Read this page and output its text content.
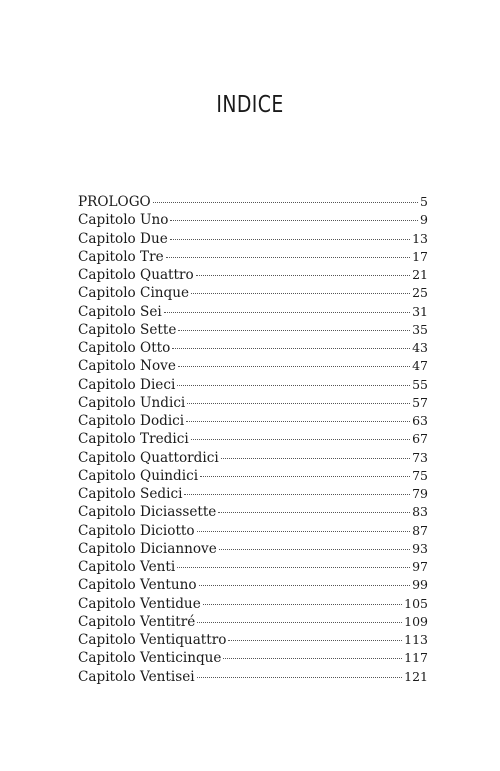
INDICE
PROLOGO	5
Capitolo Uno	9
Capitolo Due	13
Capitolo Tre	17
Capitolo Quattro	21
Capitolo Cinque	25
Capitolo Sei	31
Capitolo Sette	35
Capitolo Otto	43
Capitolo Nove	47
Capitolo Dieci	55
Capitolo Undici	57
Capitolo Dodici	63
Capitolo Tredici	67
Capitolo Quattordici	73
Capitolo Quindici	75
Capitolo Sedici	79
Capitolo Diciassette	83
Capitolo Diciotto	87
Capitolo Diciannove	93
Capitolo Venti	97
Capitolo Ventuno	99
Capitolo Ventidue	105
Capitolo Ventitré	109
Capitolo Ventiquattro	113
Capitolo Venticinque	117
Capitolo Ventisei	121
